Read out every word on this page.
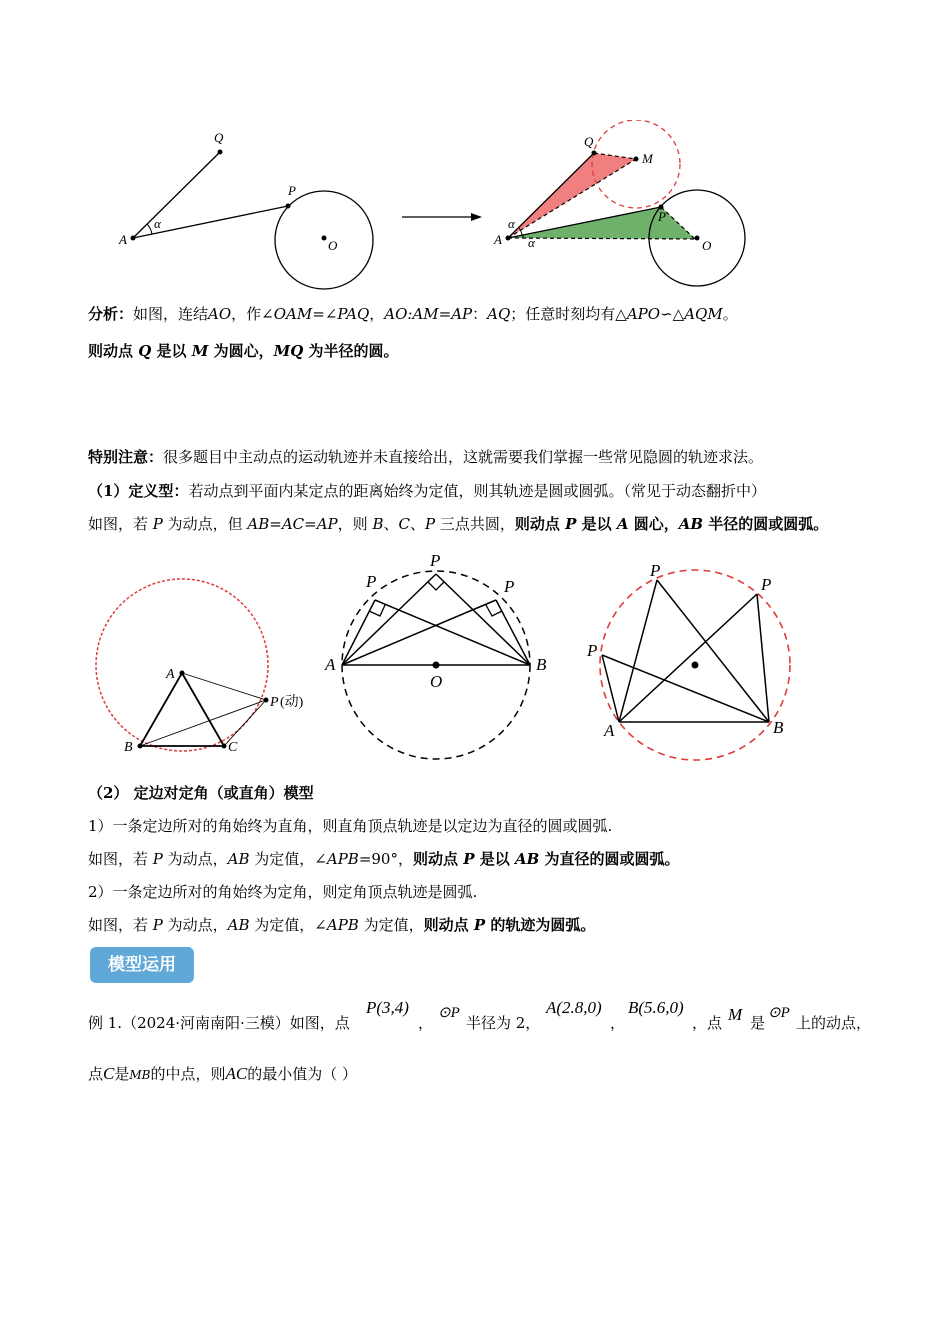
A
Q
P
O
α
A
Q
M
P
O
α
α
分析：如图，连结AO，作∠OAM=∠PAQ，AO:AM=AP：AQ；任意时刻均有△APO∽△AQM。
则动点 Q 是以 M 为圆心，MQ 为半径的圆。
特别注意：很多题目中主动点的运动轨迹并未直接给出，这就需要我们掌握一些常见隐圆的轨迹求法。
（1）定义型：若动点到平面内某定点的距离始终为定值，则其轨迹是圆或圆弧。（常见于动态翻折中）
如图，若 P 为动点，但 AB=AC=AP，则 B、C、P 三点共圆，则动点 P 是以 A 圆心，AB 半径的圆或圆弧。
A
B	C
P (动)
P
P	P
A	B
O
P
P
P
A	B
（2） 定边对定角（或直角）模型
1）一条定边所对的角始终为直角，则直角顶点轨迹是以定边为直径的圆或圆弧.
如图，若 P 为动点，AB 为定值，∠APB=90°，则动点 P 是以 AB 为直径的圆或圆弧。
2）一条定边所对的角始终为定角，则定角顶点轨迹是圆弧.
如图，若 P 为动点，AB 为定值，∠APB 为定值，则动点 P 的轨迹为圆弧。
模型运用
例 1.（2024·河南南阳·三模）如图，点
P(3,4)
，
⊙P
半径为 2，
A(2.8,0)
，
B(5.6,0)
，点 M 是
⊙P
上的动点，
点C是MB的中点，则AC的最小值为（ ）
